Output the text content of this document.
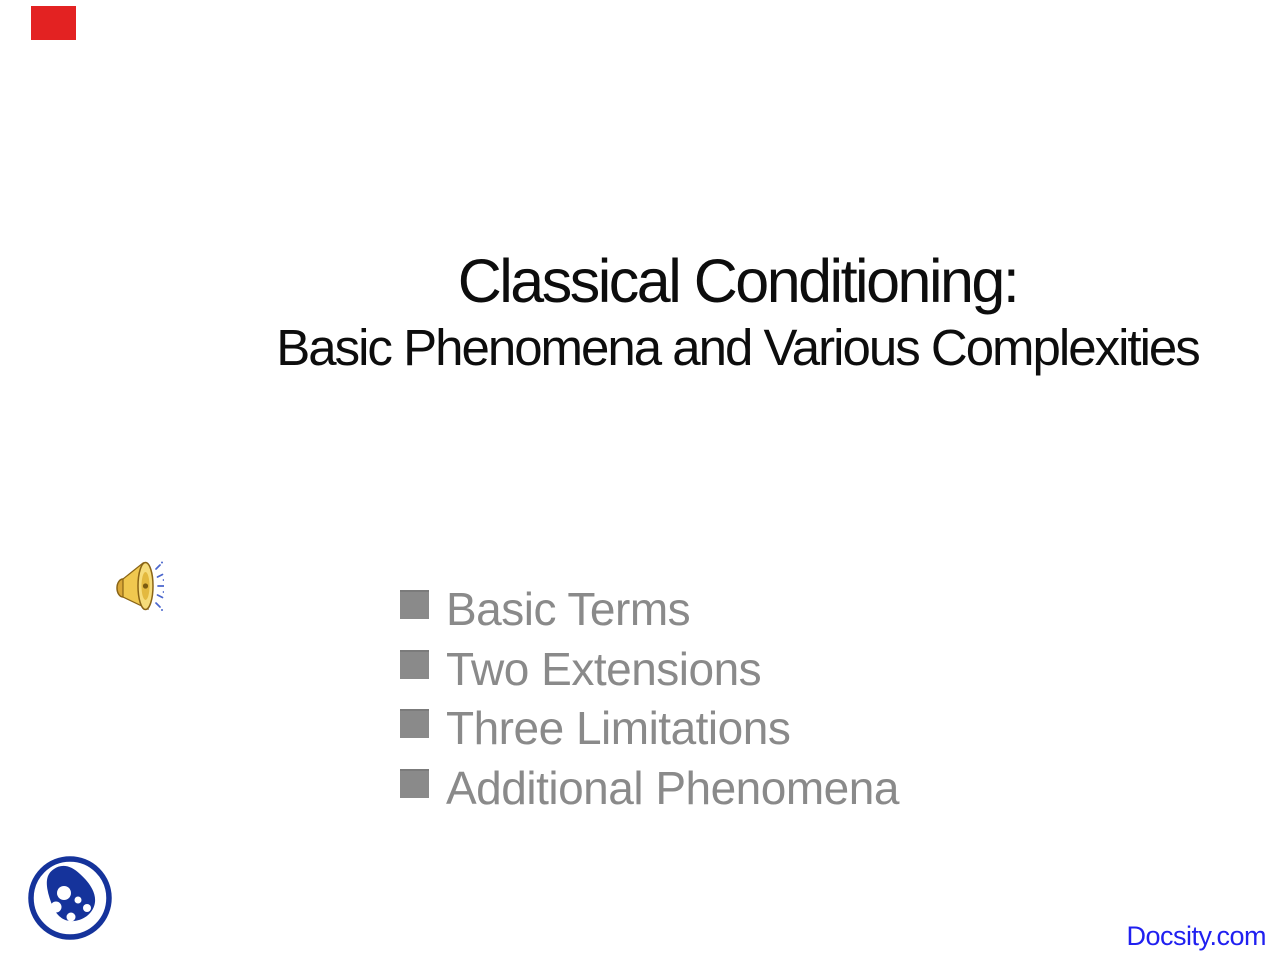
Classical Conditioning:
Basic Phenomena and Various Complexities
Basic Terms
Two Extensions
Three Limitations
Additional Phenomena
Docsity.com
